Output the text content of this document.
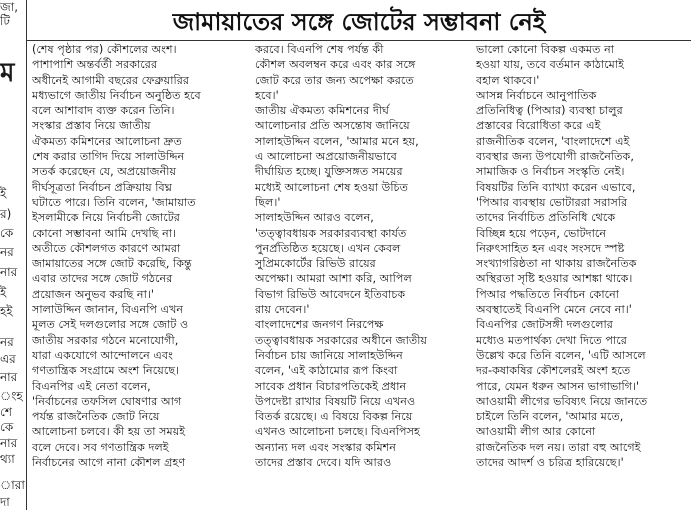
জা,
টি
ম
ই
র)
কে
নর
নার
ই
হই
নর
এর
নার
ংহ
শে
কে
নার
থ্যা
ারা
দা
জামায়াতের সঙ্গে জোটের সম্ভাবনা নেই
(শেষ পৃষ্ঠার পর) কৌশলের অংশ।
পাশাপাশি অন্তর্বর্তী সরকারের
অধীনেই আগামী বছরের ফেব্রুয়ারির
মধ্যভাগে জাতীয় নির্বাচন অনুষ্ঠিত হবে
বলে আশাবাদ ব্যক্ত করেন তিনি।
সংস্কার প্রস্তাব নিয়ে জাতীয়
ঐকমত্য কমিশনের আলোচনা দ্রুত
শেষ করার তাগিদ দিয়ে সালাউদ্দিন
সতর্ক করেছেন যে, অপ্রয়োজনীয়
দীর্ঘসূত্রতা নির্বাচন প্রক্রিয়ায় বিঘ্ন
ঘটাতে পারে। তিনি বলেন, 'জামায়াত
ইসলামীকে নিয়ে নির্বাচনী জোটের
কোনো সম্ভাবনা আমি দেখছি না।
অতীতে কৌশলগত কারণে আমরা
জামায়াতের সঙ্গে জোট করেছি, কিন্তু
এবার তাদের সঙ্গে জোট গঠনের
প্রয়োজন অনুভব করছি না।'
সালাউদ্দিন জানান, বিএনপি এখন
মূলত সেই দলগুলোর সঙ্গে জোট ও
জাতীয় সরকার গঠনে মনোযোগী,
যারা একযোগে আন্দোলনে এবং
গণতান্ত্রিক সংগ্রামে অংশ নিয়েছে।
বিএনপির এই নেতা বলেন,
'নির্বাচনের তফসিল ঘোষণার আগ
পর্যন্ত রাজনৈতিক জোট নিয়ে
আলোচনা চলবে। কী হয় তা সময়ই
বলে দেবে। সব গণতান্ত্রিক দলই
নির্বাচনের আগে নানা কৌশল গ্রহণ
করবে। বিএনপি শেষ পর্যন্ত কী
কৌশল অবলম্বন করে এবং কার সঙ্গে
জোট করে তার জন্য অপেক্ষা করতে
হবে।'
জাতীয় ঐকমত্য কমিশনের দীর্ঘ
আলোচনার প্রতি অসন্তোষ জানিয়ে
সালাহউদ্দিন বলেন, 'আমার মনে হয়,
এ আলোচনা অপ্রয়োজনীয়ভাবে
দীর্ঘায়িত হচ্ছে। যুক্তিসঙ্গত সময়ের
মধ্যেই আলোচনা শেষ হওয়া উচিত
ছিল।'
সালাহউদ্দিন আরও বলেন,
'তত্ত্বাবধায়ক সরকারব্যবস্থা কার্যত
পুনর্প্রতিষ্ঠিত হয়েছে। এখন কেবল
সুপ্রিমকোর্টের রিভিউ রায়ের
অপেক্ষা। আমরা আশা করি, আপিল
বিভাগ রিভিউ আবেদনে ইতিবাচক
রায় দেবেন।'
বাংলাদেশের জনগণ নিরপেক্ষ
তত্ত্বাবধায়ক সরকারের অধীনে জাতীয়
নির্বাচন চায় জানিয়ে সালাহউদ্দিন
বলেন, 'এই কাঠামোর রূপ কিংবা
সাবেক প্রধান বিচারপতিকেই প্রধান
উপদেষ্টা রাখার বিষয়টি নিয়ে এখনও
বিতর্ক রয়েছে। এ বিষয়ে বিকল্প নিয়ে
এখনও আলোচনা চলছে। বিএনপিসহ
অন্যান্য দল এবং সংস্কার কমিশন
তাদের প্রস্তাব দেবে। যদি আরও
ভালো কোনো বিকল্প একমত না
হওয়া যায়, তবে বর্তমান কাঠামোই
বহাল থাকবে।'
আসন্ন নির্বাচনে আনুপাতিক
প্রতিনিধিত্ব (পিআর) ব্যবস্থা চালুর
প্রস্তাবের বিরোধিতা করে এই
রাজনীতিক বলেন, 'বাংলাদেশে এই
ব্যবস্থার জন্য উপযোগী রাজনৈতিক,
সামাজিক ও নির্বাচন সংস্কৃতি নেই।
বিষয়টির তিনি ব্যাখ্যা করেন এভাবে,
'পিআর ব্যবস্থায় ভোটাররা সরাসরি
তাদের নির্বাচিত প্রতিনিধি থেকে
বিচ্ছিন্ন হয়ে পড়েন, ভোটদানে
নিরুৎসাহিত হন এবং সংসদে স্পষ্ট
সংখ্যাগরিষ্ঠতা না থাকায় রাজনৈতিক
অস্থিরতা সৃষ্টি হওয়ার আশঙ্কা থাকে।
পিআর পদ্ধতিতে নির্বাচন কোনো
অবস্থাতেই বিএনপি মেনে নেবে না।'
বিএনপির জোটসঙ্গী দলগুলোর
মধ্যেও মতপার্থক্য দেখা দিতে পারে
উল্লেখ করে তিনি বলেন, 'এটি আসলে
দর-কষাকষির কৌশলেরই অংশ হতে
পারে, যেমন ধরুন আসন ভাগাভাগি।'
আওয়ামী লীগের ভবিষ্যৎ নিয়ে জানতে
চাইলে তিনি বলেন, 'আমার মতে,
আওয়ামী লীগ আর কোনো
রাজনৈতিক দল নয়। তারা বহু আগেই
তাদের আদর্শ ও চরিত্র হারিয়েছে।'
